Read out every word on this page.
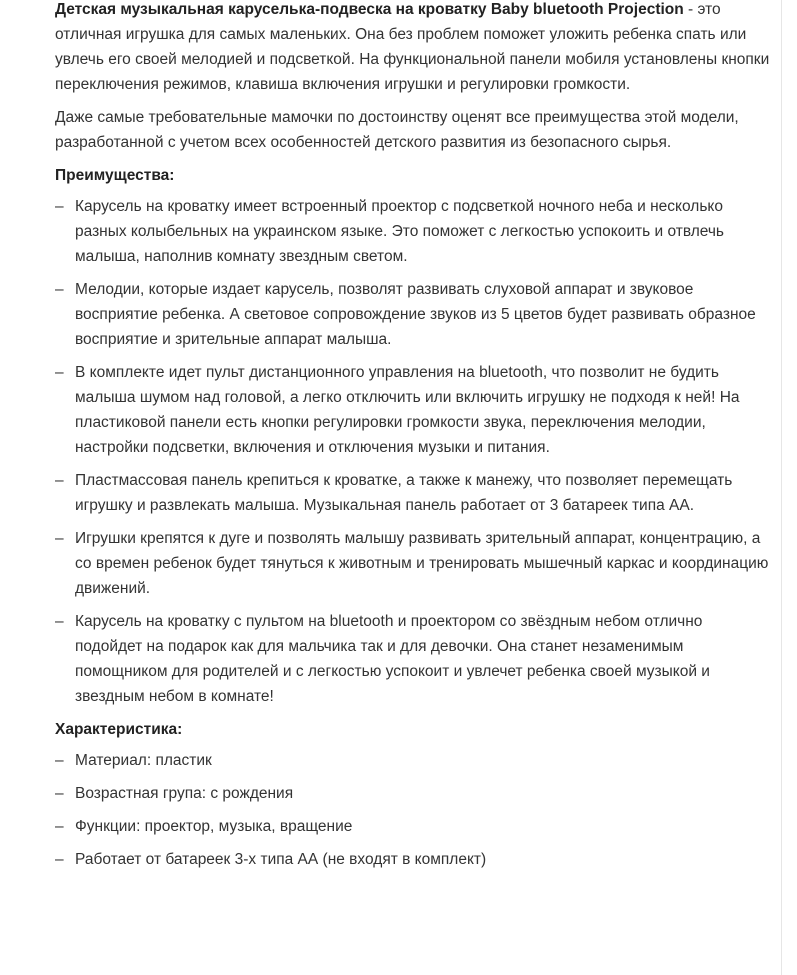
Детская музыкальная каруселька-подвеска на кроватку Baby bluetooth Projection - это отличная игрушка для самых маленьких. Она без проблем поможет уложить ребенка спать или увлечь его своей мелодией и подсветкой. На функциональной панели мобиля установлены кнопки переключения режимов, клавиша включения игрушки и регулировки громкости.

Даже самые требовательные мамочки по достоинству оценят все преимущества этой модели, разработанной с учетом всех особенностей детского развития из безопасного сырья.

Преимущества:
– Карусель на кроватку имеет встроенный проектор с подсветкой ночного неба и несколько разных колыбельных на украинском языке. Это поможет с легкостью успокоить и отвлечь малыша, наполнив комнату звездным светом.
– Мелодии, которые издает карусель, позволят развивать слуховой аппарат и звуковое восприятие ребенка. А световое сопровождение звуков из 5 цветов будет развивать образное восприятие и зрительные аппарат малыша.
– В комплекте идет пульт дистанционного управления на bluetooth, что позволит не будить малыша шумом над головой, а легко отключить или включить игрушку не подходя к ней! На пластиковой панели есть кнопки регулировки громкости звука, переключения мелодии, настройки подсветки, включения и отключения музыки и питания.
– Пластмассовая панель крепиться к кроватке, а также к манежу, что позволяет перемещать игрушку и развлекать малыша. Музыкальная панель работает от 3 батареек типа АА.
– Игрушки крепятся к дуге и позволять малышу развивать зрительный аппарат, концентрацию, а со времен ребенок будет тянуться к животным и тренировать мышечный каркас и координацию движений.
– Карусель на кроватку с пультом на bluetooth и проектором со звёздным небом отлично подойдет на подарок как для мальчика так и для девочки. Она станет незаменимым помощником для родителей и с легкостью успокоит и увлечет ребенка своей музыкой и звездным небом в комнате!
Характеристика:
– Материал: пластик
– Возрастная група: с рождения
– Функции: проектор, музыка, вращение
– Работает от батареек 3-х типа АА (не входят в комплект)
